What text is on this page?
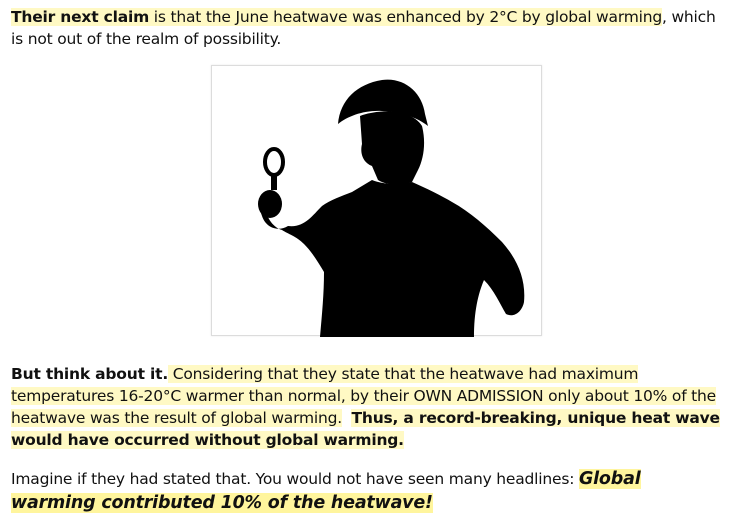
Their next claim is that the June heatwave was enhanced by 2°C by global warming, which is not out of the realm of possibility.
But think about it. Considering that they state that the heatwave had maximum temperatures 16-20°C warmer than normal, by their OWN ADMISSION only about 10% of the heatwave was the result of global warming. Thus, a record-breaking, unique heat wave would have occurred without global warming.
Imagine if they had stated that. You would not have seen many headlines: Global warming contributed 10% of the heatwave!
